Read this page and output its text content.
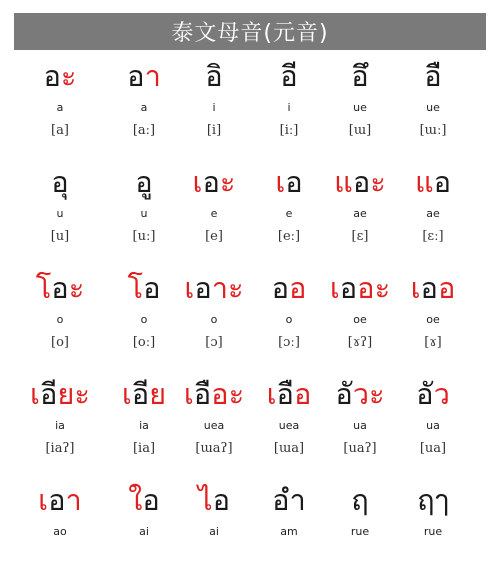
泰文母音(元音)
อะ
a
[a]
อา
a
[aː]
อิ
i
[i]
อี
i
[iː]
อึ
ue
[ɯ]
อื
ue
[ɯː]
อุ
u
[u]
อู
u
[uː]
เอะ
e
[e]
เอ
e
[eː]
แอะ
ae
[ɛ]
แอ
ae
[ɛː]
โอะ
o
[o]
โอ
o
[oː]
เอาะ
o
[ɔ]
ออ
o
[ɔː]
เออะ
oe
[ɤʔ]
เออ
oe
[ɤ]
เอียะ
ia
[iaʔ]
เอีย
ia
[ia]
เอือะ
uea
[ɯaʔ]
เอือ
uea
[ɯa]
อัวะ
ua
[uaʔ]
อัว
ua
[ua]
เอา
ao
ใอ
ai
ไอ
ai
อ
am
ฤ
rue
ฤๅ
rue
